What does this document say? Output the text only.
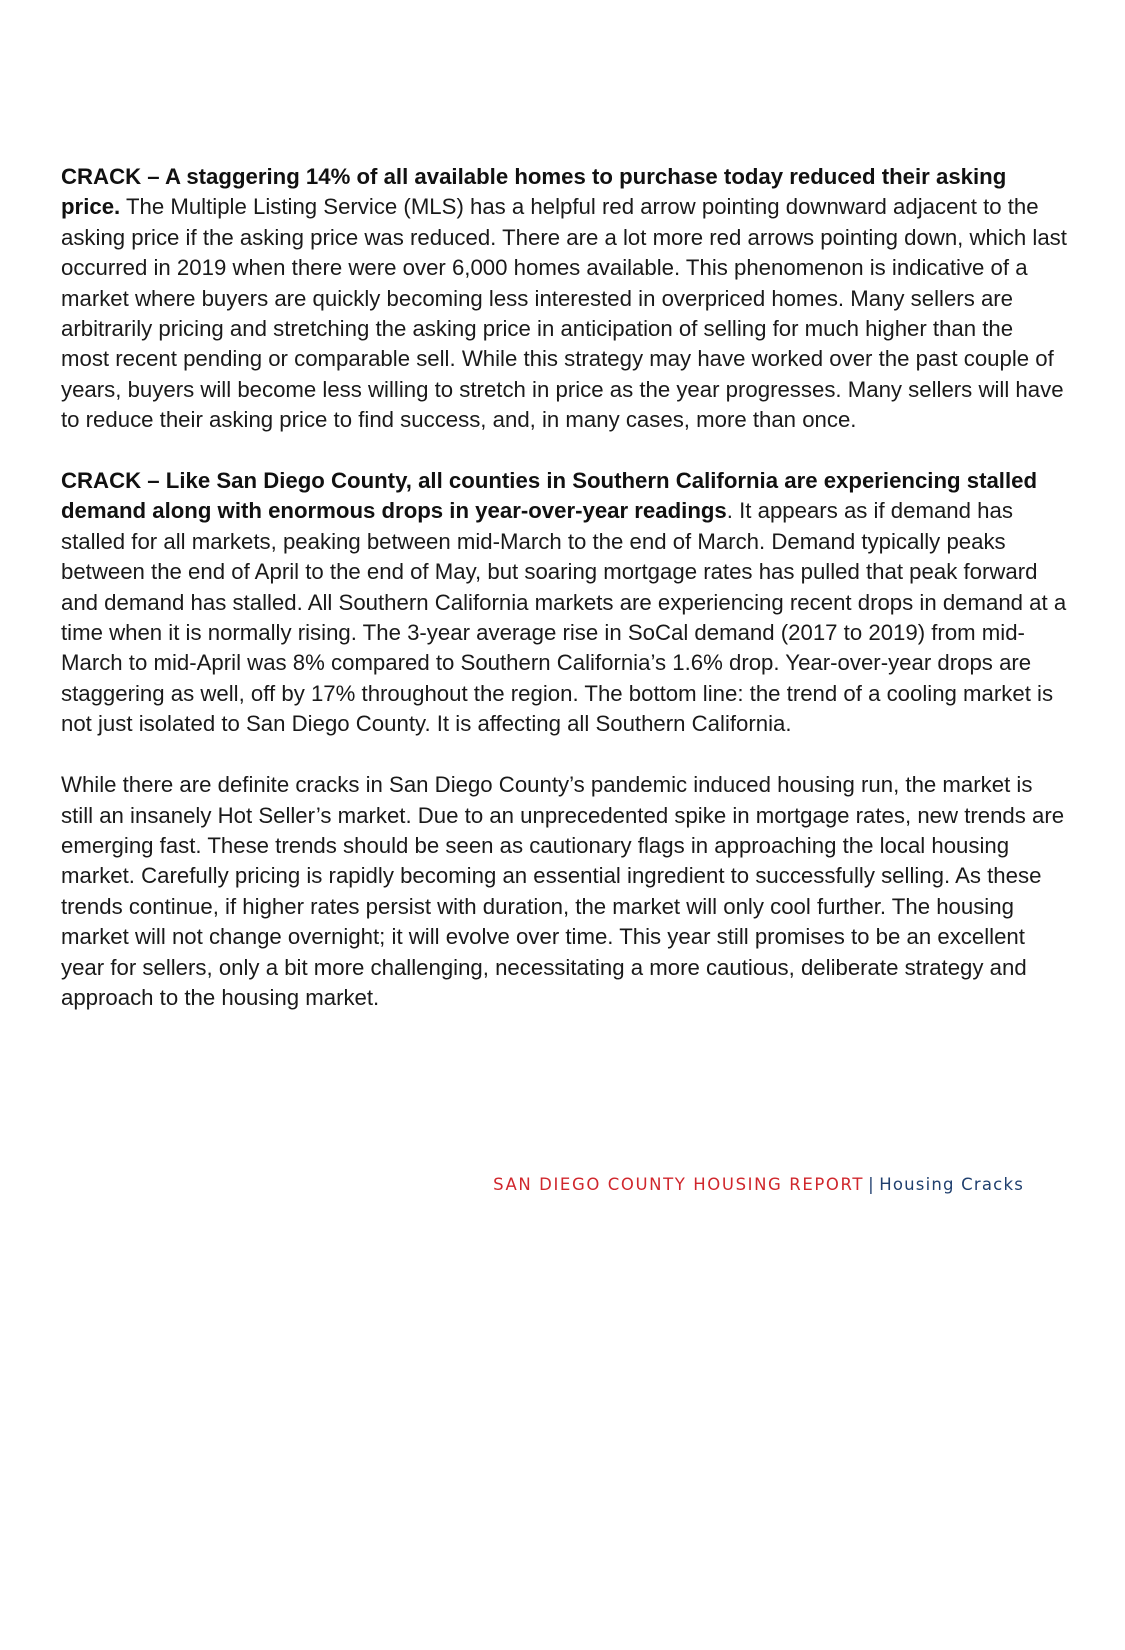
CRACK – A staggering 14% of all available homes to purchase today reduced their asking price. The Multiple Listing Service (MLS) has a helpful red arrow pointing downward adjacent to the asking price if the asking price was reduced. There are a lot more red arrows pointing down, which last occurred in 2019 when there were over 6,000 homes available. This phenomenon is indicative of a market where buyers are quickly becoming less interested in overpriced homes. Many sellers are arbitrarily pricing and stretching the asking price in anticipation of selling for much higher than the most recent pending or comparable sell. While this strategy may have worked over the past couple of years, buyers will become less willing to stretch in price as the year progresses. Many sellers will have to reduce their asking price to find success, and, in many cases, more than once.

CRACK – Like San Diego County, all counties in Southern California are experiencing stalled demand along with enormous drops in year-over-year readings. It appears as if demand has stalled for all markets, peaking between mid-March to the end of March. Demand typically peaks between the end of April to the end of May, but soaring mortgage rates has pulled that peak forward and demand has stalled. All Southern California markets are experiencing recent drops in demand at a time when it is normally rising. The 3-year average rise in SoCal demand (2017 to 2019) from mid-March to mid-April was 8% compared to Southern California’s 1.6% drop. Year-over-year drops are staggering as well, off by 17% throughout the region. The bottom line: the trend of a cooling market is not just isolated to San Diego County. It is affecting all Southern California.

While there are definite cracks in San Diego County’s pandemic induced housing run, the market is still an insanely Hot Seller’s market. Due to an unprecedented spike in mortgage rates, new trends are emerging fast. These trends should be seen as cautionary flags in approaching the local housing market. Carefully pricing is rapidly becoming an essential ingredient to successfully selling. As these trends continue, if higher rates persist with duration, the market will only cool further. The housing market will not change overnight; it will evolve over time. This year still promises to be an excellent year for sellers, only a bit more challenging, necessitating a more cautious, deliberate strategy and approach to the housing market.

SAN DIEGO COUNTY HOUSING REPORT | Housing Cracks
